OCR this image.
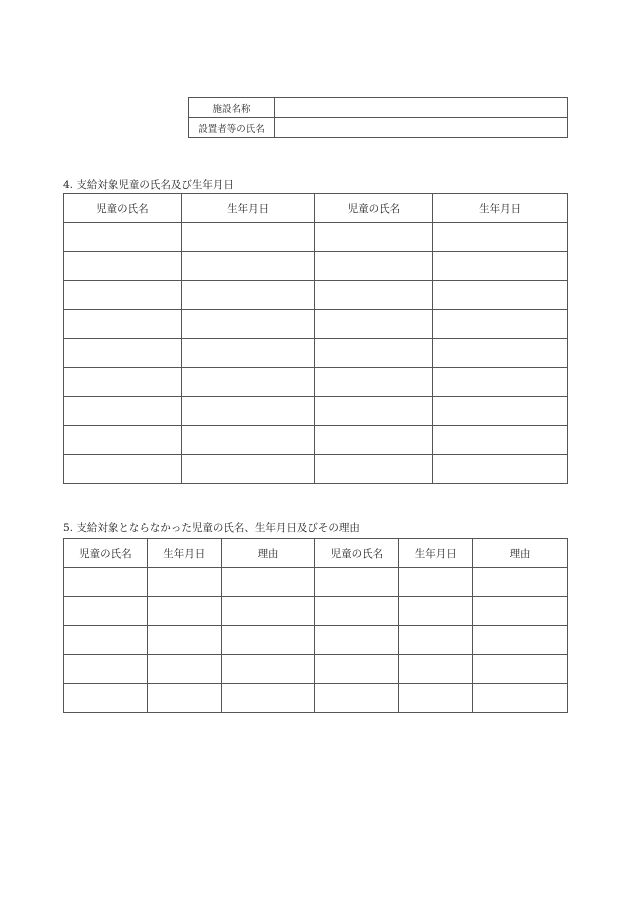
施設名称	
設置者等の氏名	
4. 支給対象児童の氏名及び生年月日
児童の氏名	生年月日	児童の氏名	生年月日

5. 支給対象とならなかった児童の氏名、生年月日及びその理由
児童の氏名	生年月日	理由	児童の氏名	生年月日	理由
